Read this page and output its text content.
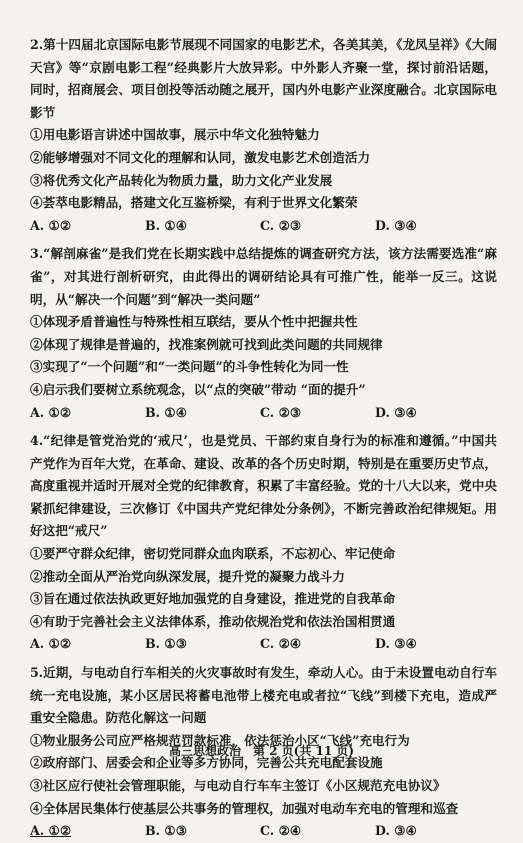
2.第十四届北京国际电影节展现不同国家的电影艺术，各美其美，《龙凤呈祥》《大闹天宫》等“京剧电影工程”经典影片大放异彩。中外影人齐聚一堂，探讨前沿话题，同时，招商展会、项目创投等活动随之展开，国内外电影产业深度融合。北京国际电影节
①用电影语言讲述中国故事，展示中华文化独特魅力
②能够增强对不同文化的理解和认同，激发电影艺术创造活力
③将优秀文化产品转化为物质力量，助力文化产业发展
④荟萃电影精品，搭建文化互鉴桥梁，有利于世界文化繁荣
A. ①②	B. ①④	C. ②③	D. ③④
3.“解剖麻雀”是我们党在长期实践中总结提炼的调查研究方法，该方法需要选准“麻雀”，对其进行剖析研究，由此得出的调研结论具有可推广性，能举一反三。这说明，从“解决一个问题”到“解决一类问题”
①体现矛盾普遍性与特殊性相互联结，要从个性中把握共性
②体现了规律是普遍的，找准案例就可找到此类问题的共同规律
③实现了“一个问题”和“一类问题”的斗争性转化为同一性
④启示我们要树立系统观念，以“点的突破”带动 “面的提升”
A. ①②	B. ①④	C. ②③	D. ③④
4.“纪律是管党治党的‘戒尺’，也是党员、干部约束自身行为的标准和遵循。”中国共产党作为百年大党，在革命、建设、改革的各个历史时期，特别是在重要历史节点，高度重视并适时开展对全党的纪律教育，积累了丰富经验。党的十八大以来，党中央紧抓纪律建设，三次修订《中国共产党纪律处分条例》，不断完善政治纪律规矩。用好这把“戒尺”
①要严守群众纪律，密切党同群众血肉联系，不忘初心、牢记使命
②推动全面从严治党向纵深发展，提升党的凝聚力战斗力
③旨在通过依法执政更好地加强党的自身建设，推进党的自我革命
④有助于完善社会主义法律体系，推动依规治党和依法治国相贯通
A. ①②	B. ①③	C. ②④	D. ③④
5.近期，与电动自行车相关的火灾事故时有发生，牵动人心。由于未设置电动自行车统一充电设施，某小区居民将蓄电池带上楼充电或者拉“飞线”到楼下充电，造成严重安全隐患。防范化解这一问题
①物业服务公司应严格规范罚款标准，依法惩治小区“飞线”充电行为
②政府部门、居委会和企业等多方协同，完善公共充电配套设施
③社区应行使社会管理职能，与电动自行车车主签订《小区规范充电协议》
④全体居民集体行使基层公共事务的管理权，加强对电动车充电的管理和巡查
A. ①②	B. ①③	C. ②④	D. ③④
高三思想政治　第 2 页(共 11 页)
